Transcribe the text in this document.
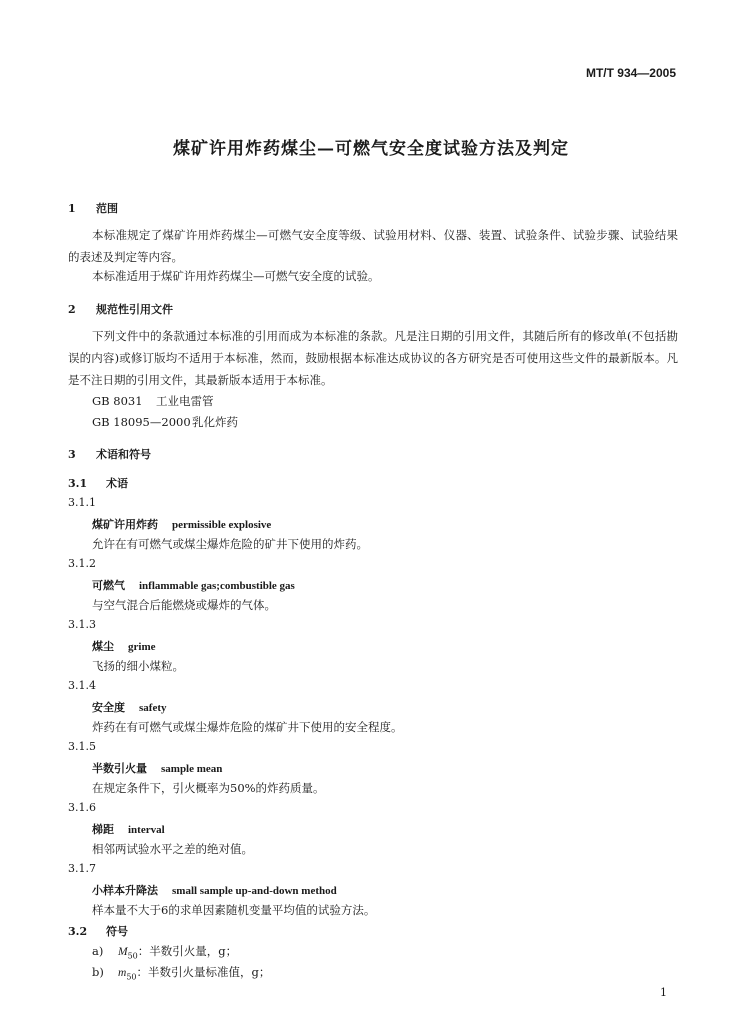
MT/T 934—2005
煤矿许用炸药煤尘—可燃气安全度试验方法及判定
1 范围
本标准规定了煤矿许用炸药煤尘—可燃气安全度等级、试验用材料、仪器、装置、试验条件、试验步骤、试验结果的表述及判定等内容。
本标准适用于煤矿许用炸药煤尘—可燃气安全度的试验。
2 规范性引用文件
下列文件中的条款通过本标准的引用而成为本标准的条款。凡是注日期的引用文件，其随后所有的修改单(不包括勘误的内容)或修订版均不适用于本标准，然而，鼓励根据本标准达成协议的各方研究是否可使用这些文件的最新版本。凡是不注日期的引用文件，其最新版本适用于本标准。
GB 8031 工业电雷管
GB 18095—2000乳化炸药
3 术语和符号
3.1 术语
3.1.1
煤矿许用炸药 permissible explosive
允许在有可燃气或煤尘爆炸危险的矿井下使用的炸药。
3.1.2
可燃气 inflammable gas;combustible gas
与空气混合后能燃烧或爆炸的气体。
3.1.3
煤尘 grime
飞扬的细小煤粒。
3.1.4
安全度 safety
炸药在有可燃气或煤尘爆炸危险的煤矿井下使用的安全程度。
3.1.5
半数引火量 sample mean
在规定条件下，引火概率为50%的炸药质量。
3.1.6
梯距 interval
相邻两试验水平之差的绝对值。
3.1.7
小样本升降法 small sample up-and-down method
样本量不大于6的求单因素随机变量平均值的试验方法。
3.2 符号
a) $M_{50}$：半数引火量，g；
b) $m_{50}$：半数引火量标准值，g；
1
